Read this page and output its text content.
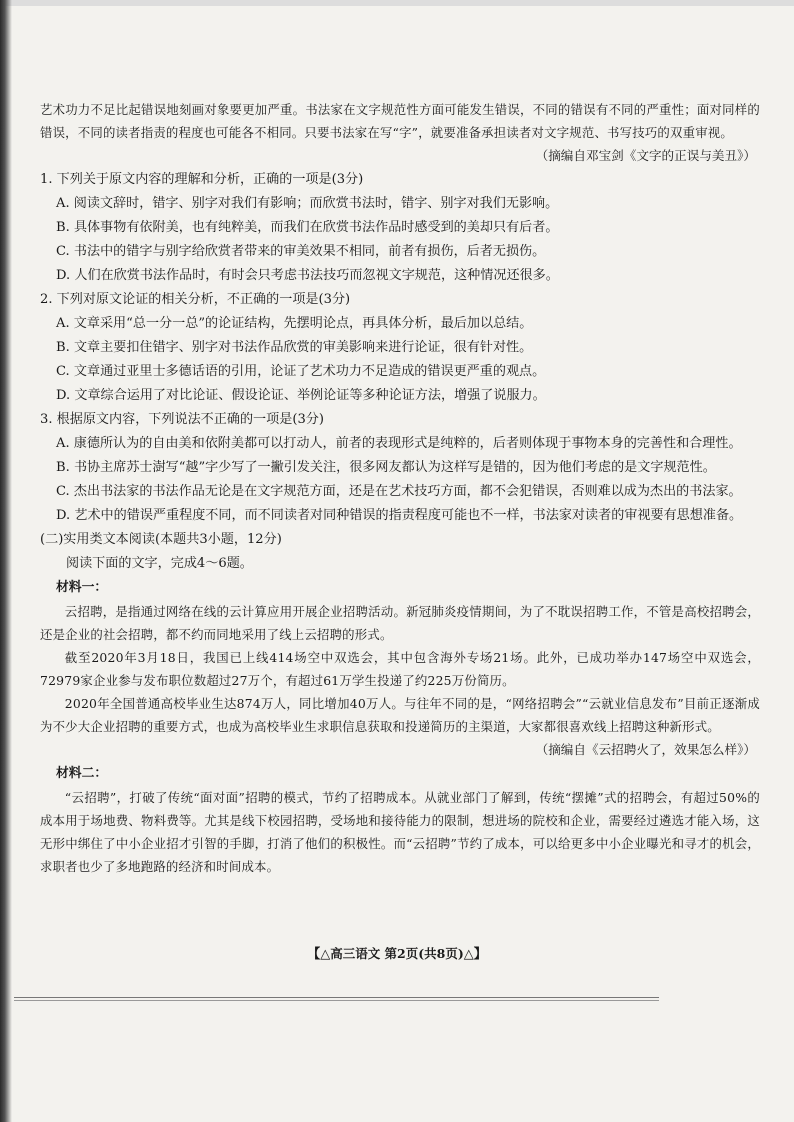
艺术功力不足比起错误地刻画对象要更加严重。书法家在文字规范性方面可能发生错误，不同的错误有不同的严重性；面对同样的错误，不同的读者指责的程度也可能各不相同。只要书法家在写“字”，就要准备承担读者对文字规范、书写技巧的双重审视。

（摘编自邓宝剑《文字的正误与美丑》）

1. 下列关于原文内容的理解和分析，正确的一项是(3分)

A. 阅读文辞时，错字、别字对我们有影响；而欣赏书法时，错字、别字对我们无影响。

B. 具体事物有依附美，也有纯粹美，而我们在欣赏书法作品时感受到的美却只有后者。

C. 书法中的错字与别字给欣赏者带来的审美效果不相同，前者有损伤，后者无损伤。

D. 人们在欣赏书法作品时，有时会只考虑书法技巧而忽视文字规范，这种情况还很多。

2. 下列对原文论证的相关分析，不正确的一项是(3分)

A. 文章采用“总一分一总”的论证结构，先摆明论点，再具体分析，最后加以总结。

B. 文章主要扣住错字、别字对书法作品欣赏的审美影响来进行论证，很有针对性。

C. 文章通过亚里士多德话语的引用，论证了艺术功力不足造成的错误更严重的观点。

D. 文章综合运用了对比论证、假设论证、举例论证等多种论证方法，增强了说服力。

3. 根据原文内容，下列说法不正确的一项是(3分)

A. 康德所认为的自由美和依附美都可以打动人，前者的表现形式是纯粹的，后者则体现于事物本身的完善性和合理性。

B. 书协主席苏士澍写“越”字少写了一撇引发关注，很多网友都认为这样写是错的，因为他们考虑的是文字规范性。

C. 杰出书法家的书法作品无论是在文字规范方面，还是在艺术技巧方面，都不会犯错误，否则难以成为杰出的书法家。

D. 艺术中的错误严重程度不同，而不同读者对同种错误的指责程度可能也不一样，书法家对读者的审视要有思想准备。

(二)实用类文本阅读(本题共3小题，12分)

阅读下面的文字，完成4～6题。

材料一：

云招聘，是指通过网络在线的云计算应用开展企业招聘活动。新冠肺炎疫情期间，为了不耽误招聘工作，不管是高校招聘会，还是企业的社会招聘，都不约而同地采用了线上云招聘的形式。

截至2020年3月18日，我国已上线414场空中双选会，其中包含海外专场21场。此外，已成功举办147场空中双选会，72979家企业参与发布职位数超过27万个，有超过61万学生投递了约225万份简历。

2020年全国普通高校毕业生达874万人，同比增加40万人。与往年不同的是，“网络招聘会”“云就业信息发布”目前正逐渐成为不少大企业招聘的重要方式，也成为高校毕业生求职信息获取和投递简历的主渠道，大家都很喜欢线上招聘这种新形式。

（摘编自《云招聘火了，效果怎么样》）

材料二：

“云招聘”，打破了传统“面对面”招聘的模式，节约了招聘成本。从就业部门了解到，传统“摆摊”式的招聘会，有超过50%的成本用于场地费、物料费等。尤其是线下校园招聘，受场地和接待能力的限制，想进场的院校和企业，需要经过遴选才能入场，这无形中绑住了中小企业招才引智的手脚，打消了他们的积极性。而“云招聘”节约了成本，可以给更多中小企业曝光和寻才的机会，求职者也少了多地跑路的经济和时间成本。

【△高三语文 第2页(共8页)△】
